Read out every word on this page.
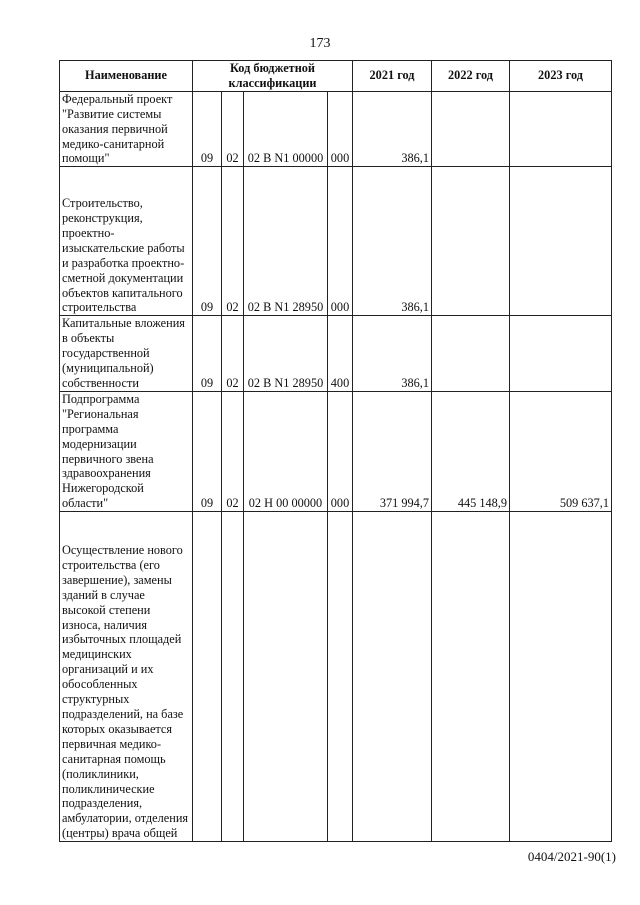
173
Наименование	Код бюджетной классификации				2021 год	2022 год	2023 год
Федеральный проект "Развитие системы оказания первичной медико-санитарной помощи"	09	02	02 В N1 00000	000	386,1		
Строительство, реконструкция, проектно-изыскательские работы и разработка проектно-сметной документации объектов капитального строительства	09	02	02 В N1 28950	000	386,1		
Капитальные вложения в объекты государственной (муниципальной) собственности	09	02	02 В N1 28950	400	386,1		
Подпрограмма "Региональная программа модернизации первичного звена здравоохранения Нижегородской области"	09	02	02 Н 00 00000	000	371 994,7	445 148,9	509 637,1
Осуществление нового строительства (его завершение), замены зданий в случае высокой степени износа, наличия избыточных площадей медицинских организаций и их обособленных структурных подразделений, на базе которых оказывается первичная медико-санитарная помощь (поликлиники, поликлинические подразделения, амбулатории, отделения (центры) врача общей							
0404/2021-90(1)
